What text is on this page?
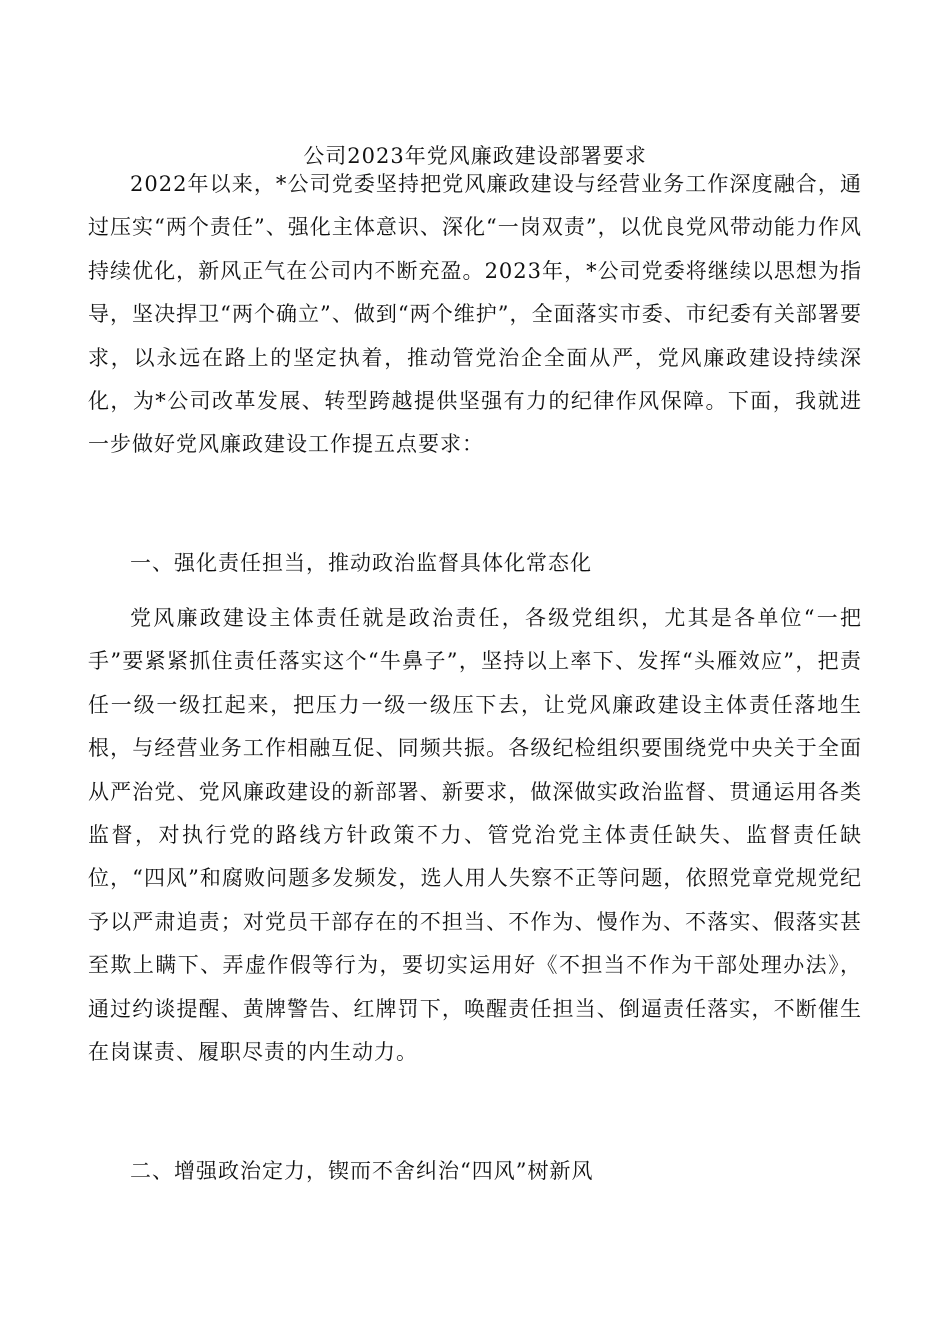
公司2023年党风廉政建设部署要求

2022年以来，*公司党委坚持把党风廉政建设与经营业务工作深度融合，通过压实“两个责任”、强化主体意识、深化“一岗双责”，以优良党风带动能力作风持续优化，新风正气在公司内不断充盈。2023年，*公司党委将继续以思想为指导，坚决捍卫“两个确立”、做到“两个维护”，全面落实市委、市纪委有关部署要求，以永远在路上的坚定执着，推动管党治企全面从严，党风廉政建设持续深化，为*公司改革发展、转型跨越提供坚强有力的纪律作风保障。下面，我就进一步做好党风廉政建设工作提五点要求：

一、强化责任担当，推动政治监督具体化常态化

党风廉政建设主体责任就是政治责任，各级党组织，尤其是各单位“一把手”要紧紧抓住责任落实这个“牛鼻子”，坚持以上率下、发挥“头雁效应”，把责任一级一级扛起来，把压力一级一级压下去，让党风廉政建设主体责任落地生根，与经营业务工作相融互促、同频共振。各级纪检组织要围绕党中央关于全面从严治党、党风廉政建设的新部署、新要求，做深做实政治监督、贯通运用各类监督，对执行党的路线方针政策不力、管党治党主体责任缺失、监督责任缺位，“四风”和腐败问题多发频发，选人用人失察不正等问题，依照党章党规党纪予以严肃追责；对党员干部存在的不担当、不作为、慢作为、不落实、假落实甚至欺上瞒下、弄虚作假等行为，要切实运用好《不担当不作为干部处理办法》，通过约谈提醒、黄牌警告、红牌罚下，唤醒责任担当、倒逼责任落实，不断催生在岗谋责、履职尽责的内生动力。

二、增强政治定力，锲而不舍纠治“四风”树新风
